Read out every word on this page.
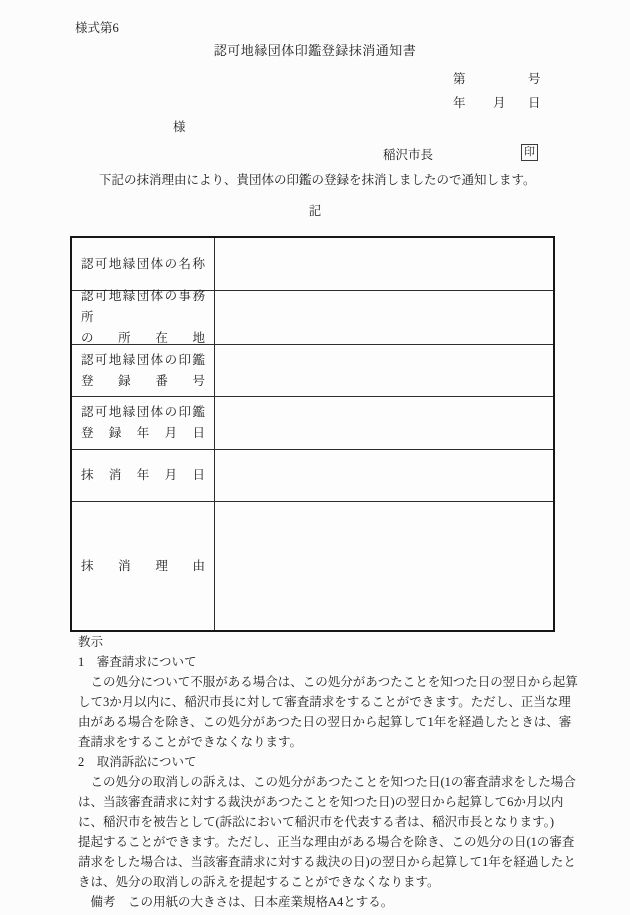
様式第6
認可地縁団体印鑑登録抹消通知書
第	号
年 月 日
様
稲沢市長	印
下記の抹消理由により、貴団体の印鑑の登録を抹消しましたので通知します。
記
認可地縁団体の名称
認可地縁団体の事務所
の所在地
認可地縁団体の印鑑
登録番号
認可地縁団体の印鑑
登録年月日
抹消年月日
抹消理由
教示
1　審査請求について
　この処分について不服がある場合は、この処分があつたことを知つた日の翌日から起算
して3か月以内に、稲沢市長に対して審査請求をすることができます。ただし、正当な理
由がある場合を除き、この処分があつた日の翌日から起算して1年を経過したときは、審
査請求をすることができなくなります。
2　取消訴訟について
　この処分の取消しの訴えは、この処分があつたことを知つた日(1の審査請求をした場合
は、当該審査請求に対する裁決があつたことを知つた日)の翌日から起算して6か月以内
に、稲沢市を被告として(訴訟において稲沢市を代表する者は、稲沢市長となります。)
提起することができます。ただし、正当な理由がある場合を除き、この処分の日(1の審査
請求をした場合は、当該審査請求に対する裁決の日)の翌日から起算して1年を経過したと
きは、処分の取消しの訴えを提起することができなくなります。
　備考　この用紙の大きさは、日本産業規格A4とする。
